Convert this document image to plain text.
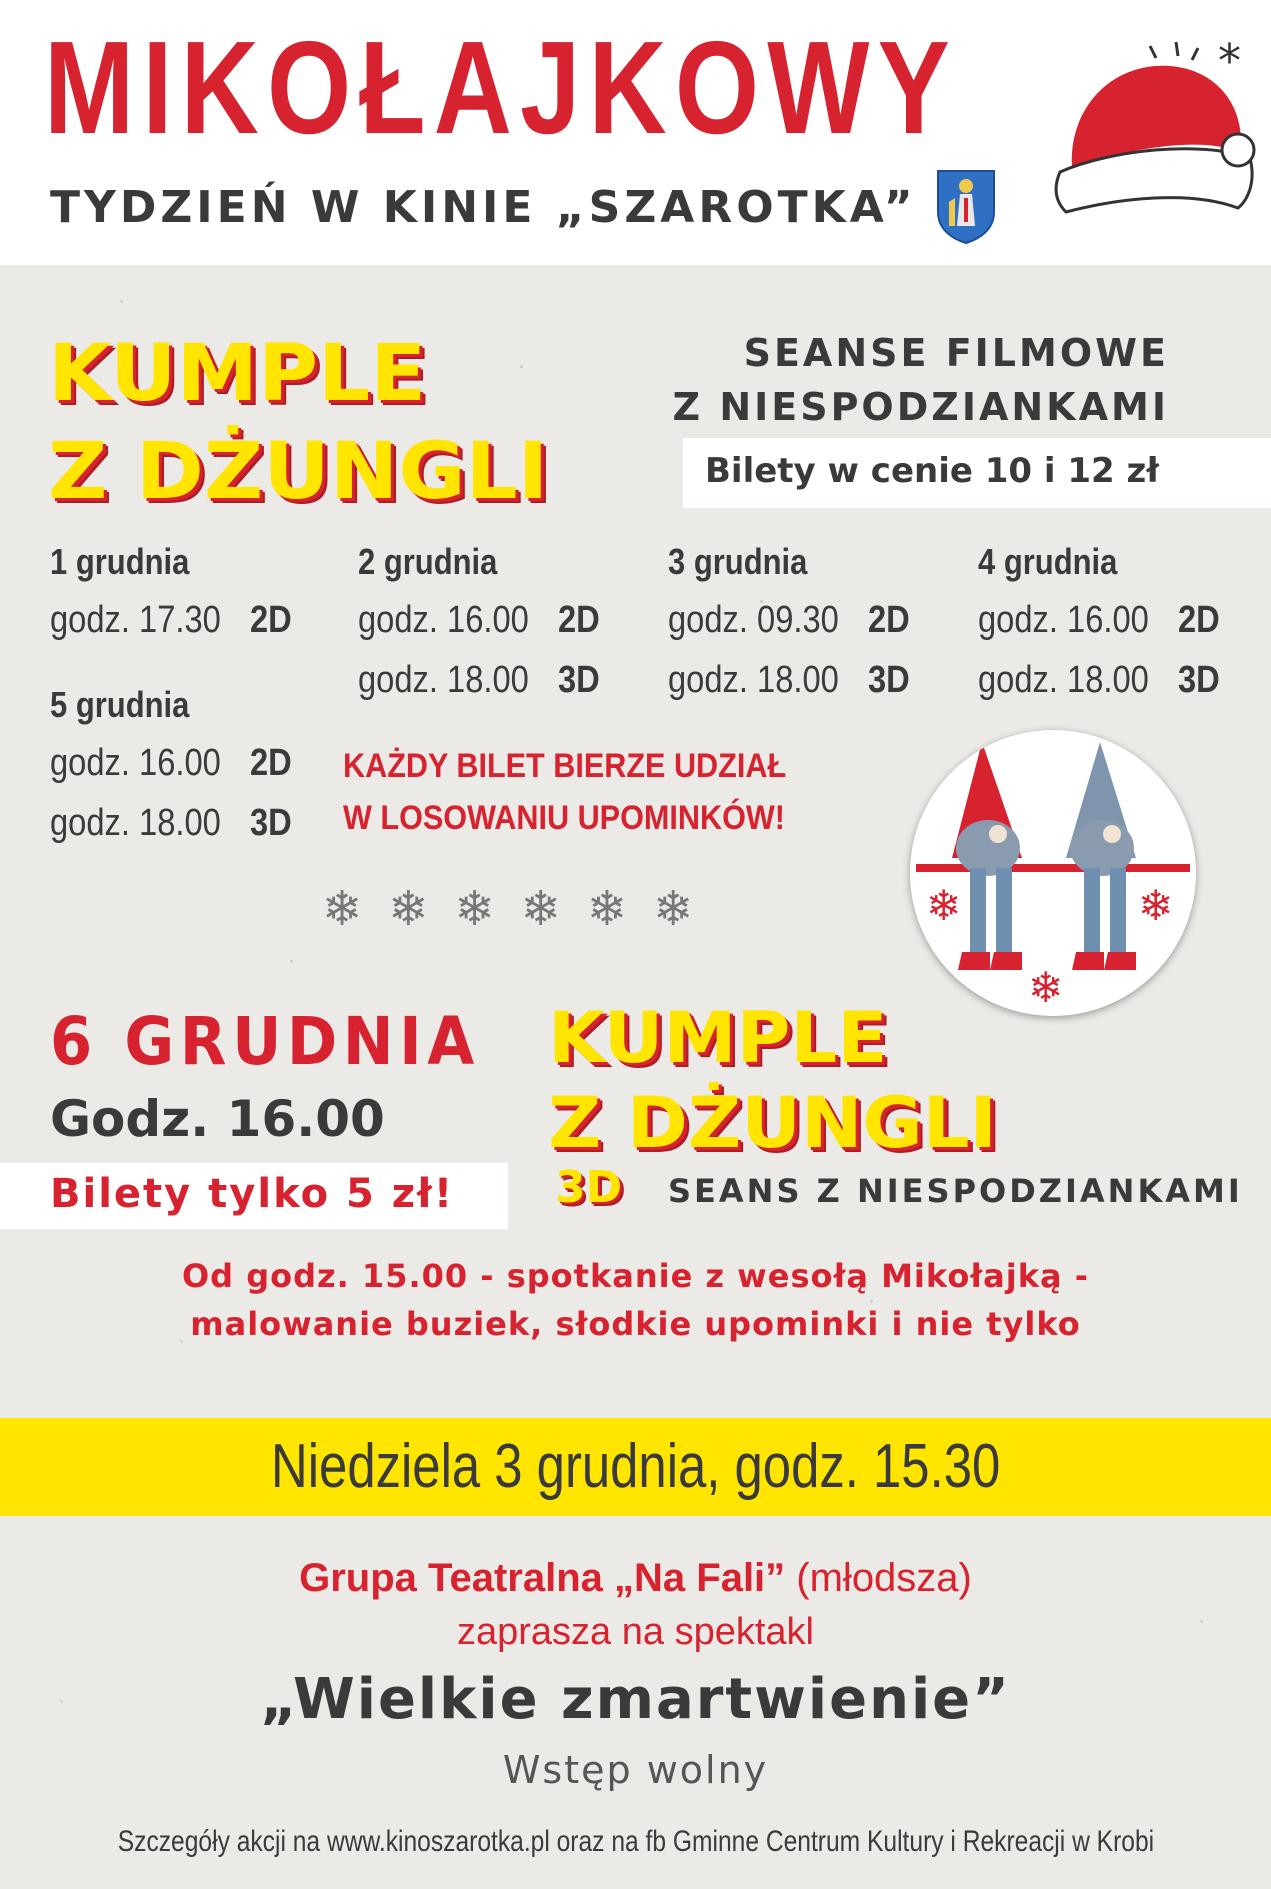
MIKOŁAJKOWY
TYDZIEŃ W KINIE „SZAROTKA”
*
KUMPLE
Z DŻUNGLI
SEANSE FILMOWE
Z NIESPODZIANKAMI
Bilety w cenie 10 i 12 zł
1 grudnia
godz. 17.30 2D
2 grudnia
godz. 16.00 2D
godz. 18.00 3D
3 grudnia
godz. 09.30 2D
godz. 18.00 3D
4 grudnia
godz. 16.00 2D
godz. 18.00 3D
5 grudnia
godz. 16.00 2D
godz. 18.00 3D
KAŻDY BILET BIERZE UDZIAŁ
W LOSOWANIU UPOMINKÓW!
❄ ❄ ❄ ❄ ❄ ❄	❄	❄
❄
6 GRUDNIA
Godz. 16.00
Bilety tylko 5 zł!
KUMPLE
Z DŻUNGLI
3D SEANS Z NIESPODZIANKAMI
Od godz. 15.00 - spotkanie z wesołą Mikołajką -
malowanie buziek, słodkie upominki i nie tylko
Niedziela 3 grudnia, godz. 15.30
Grupa Teatralna „Na Fali” (młodsza)
zaprasza na spektakl
„Wielkie zmartwienie”
Wstęp wolny
Szczegóły akcji na www.kinoszarotka.pl oraz na fb Gminne Centrum Kultury i Rekreacji w Krobi
